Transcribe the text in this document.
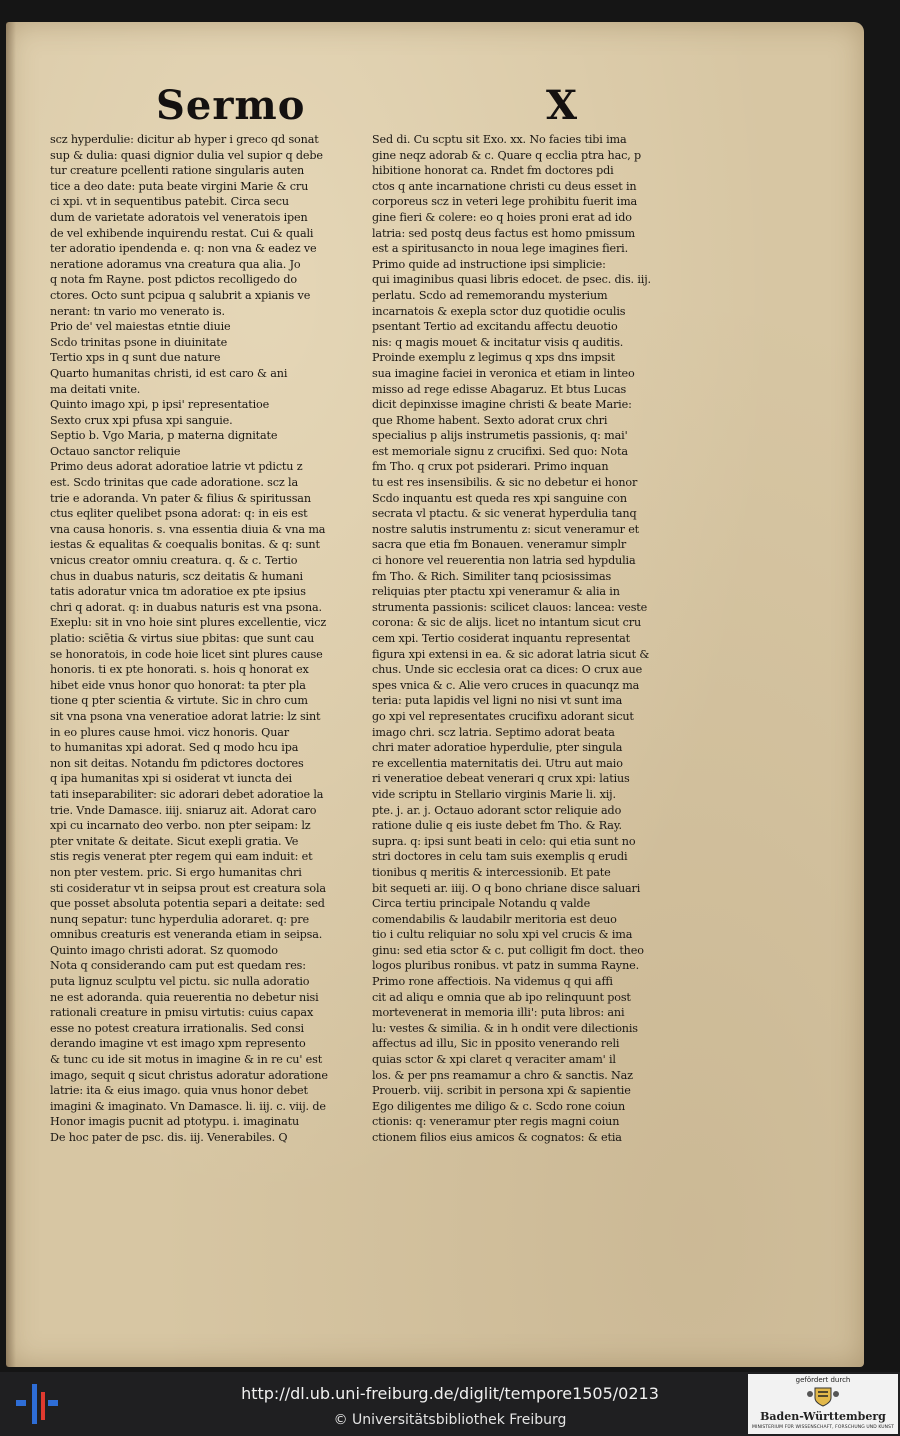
Sermo	X
scz hyperdulie: dicitur ab hyper i greco qd sonat
sup & dulia: quasi dignior dulia vel supior q debe
tur creature pcellenti ratione singularis auten
tice a deo date: puta beate virgini Marie & cru
ci xpi. vt in sequentibus patebit. Circa secu
dum de varietate adoratois vel veneratois ipen
de vel exhibende inquirendu restat. Cui & quali
ter adoratio ipendenda e. q: non vna & eadez ve
neratione adoramus vna creatura qua alia. Jo
q nota fm Rayne. post pdictos recolligedo do
ctores. Octo sunt pcipua q salubrit a xpianis ve
nerant: tn vario mo venerato is.
Prio de' vel maiestas etntie diuie
Scdo trinitas psone in diuinitate
Tertio xps in q sunt due nature
Quarto humanitas christi, id est caro & ani
ma deitati vnite.
Quinto imago xpi, p ipsi' representatioe
Sexto crux xpi pfusa xpi sanguie.
Septio b. Vgo Maria, p materna dignitate
Octauo sanctor reliquie
Primo deus adorat adoratioe latrie vt pdictu z
est. Scdo trinitas que cade adoratione. scz la
trie e adoranda. Vn pater & filius & spiritussan
ctus eqliter quelibet psona adorat: q: in eis est
vna causa honoris. s. vna essentia diuia & vna ma
iestas & equalitas & coequalis bonitas. & q: sunt
vnicus creator omniu creatura. q. & c. Tertio
chus in duabus naturis, scz deitatis & humani
tatis adoratur vnica tm adoratioe ex pte ipsius
chri q adorat. q: in duabus naturis est vna psona.
Exeplu: sit in vno hoie sint plures excellentie, vicz
platio: sciētia & virtus siue pbitas: que sunt cau
se honoratois, in code hoie licet sint plures cause
honoris. ti ex pte honorati. s. hois q honorat ex
hibet eide vnus honor quo honorat: ta pter pla
tione q pter scientia & virtute. Sic in chro cum
sit vna psona vna veneratioe adorat latrie: lz sint
in eo plures cause hmoi. vicz honoris. Quar
to humanitas xpi adorat. Sed q modo hcu ipa
non sit deitas. Notandu fm pdictores doctores
q ipa humanitas xpi si osiderat vt iuncta dei
tati inseparabiliter: sic adorari debet adoratioe la
trie. Vnde Damasce. iiij. sniaruz ait. Adorat caro
xpi cu incarnato deo verbo. non pter seipam: lz
pter vnitate & deitate. Sicut exepli gratia. Ve
stis regis venerat pter regem qui eam induit: et
non pter vestem. pric. Si ergo humanitas chri
sti cosideratur vt in seipsa prout est creatura sola
que posset absoluta potentia separi a deitate: sed
nunq sepatur: tunc hyperdulia adoraret. q: pre
omnibus creaturis est veneranda etiam in seipsa.
Quinto imago christi adorat. Sz quomodo
Nota q considerando cam put est quedam res:
puta lignuz sculptu vel pictu. sic nulla adoratio
ne est adoranda. quia reuerentia no debetur nisi
rationali creature in pmisu virtutis: cuius capax
esse no potest creatura irrationalis. Sed consi
derando imagine vt est imago xpm represento
& tunc cu ide sit motus in imagine & in re cu' est
imago, sequit q sicut christus adoratur adoratione
latrie: ita & eius imago. quia vnus honor debet
imagini & imaginato. Vn Damasce. li. iij. c. viij. de
Honor imagis pucnit ad ptotypu. i. imaginatu
De hoc pater de psc. dis. iij. Venerabiles. Q
Sed di. Cu scptu sit Exo. xx. No facies tibi ima
gine neqz adorab & c. Quare q ecclia ptra hac, p
hibitione honorat ca. Rndet fm doctores pdi
ctos q ante incarnatione christi cu deus esset in
corporeus scz in veteri lege prohibitu fuerit ima
gine fieri & colere: eo q hoies proni erat ad ido
latria: sed postq deus factus est homo pmissum
est a spiritusancto in noua lege imagines fieri.
Primo quide ad instructione ipsi simplicie:
qui imaginibus quasi libris edocet. de psec. dis. iij.
perlatu. Scdo ad rememorandu mysterium
incarnatois & exepla sctor duz quotidie oculis
psentant Tertio ad excitandu affectu deuotio
nis: q magis mouet & incitatur visis q auditis.
Proinde exemplu z legimus q xps dns impsit
sua imagine faciei in veronica et etiam in linteo
misso ad rege edisse Abagaruz. Et btus Lucas
dicit depinxisse imagine christi & beate Marie:
que Rhome habent. Sexto adorat crux chri
specialius p alijs instrumetis passionis, q: mai'
est memoriale signu z crucifixi. Sed quo: Nota
fm Tho. q crux pot psiderari. Primo inquan
tu est res insensibilis. & sic no debetur ei honor
Scdo inquantu est queda res xpi sanguine con
secrata vl ptactu. & sic venerat hyperdulia tanq
nostre salutis instrumentu z: sicut veneramur et
sacra que etia fm Bonauen. veneramur simplr
ci honore vel reuerentia non latria sed hypdulia
fm Tho. & Rich. Similiter tanq pciosissimas
reliquias pter ptactu xpi veneramur & alia in
strumenta passionis: scilicet clauos: lancea: veste
corona: & sic de alijs. licet no intantum sicut cru
cem xpi. Tertio cosiderat inquantu representat
figura xpi extensi in ea. & sic adorat latria sicut &
chus. Unde sic ecclesia orat ca dices: O crux aue
spes vnica & c. Alie vero cruces in quacunqz ma
teria: puta lapidis vel ligni no nisi vt sunt ima
go xpi vel representates crucifixu adorant sicut
imago chri. scz latria. Septimo adorat beata
chri mater adoratioe hyperdulie, pter singula
re excellentia maternitatis dei. Utru aut maio
ri veneratioe debeat venerari q crux xpi: latius
vide scriptu in Stellario virginis Marie li. xij.
pte. j. ar. j. Octauo adorant sctor reliquie ado
ratione dulie q eis iuste debet fm Tho. & Ray.
supra. q: ipsi sunt beati in celo: qui etia sunt no
stri doctores in celu tam suis exemplis q erudi
tionibus q meritis & intercessionib. Et pate
bit sequeti ar. iiij. O q bono chriane disce saluari
Circa tertiu principale Notandu q valde
comendabilis & laudabilr meritoria est deuo
tio i cultu reliquiar no solu xpi vel crucis & ima
ginu: sed etia sctor & c. put colligit fm doct. theo
logos pluribus ronibus. vt patz in summa Rayne.
Primo rone affectiois. Na videmus q qui affi
cit ad aliqu e omnia que ab ipo relinquunt post
mortevenerat in memoria illi': puta libros: ani
lu: vestes & similia. & in h ondit vere dilectionis
affectus ad illu, Sic in pposito venerando reli
quias sctor & xpi claret q veraciter amam' il
los. & per pns reamamur a chro & sanctis. Naz
Prouerb. viij. scribit in persona xpi & sapientie
Ego diligentes me diligo & c. Scdo rone coiun
ctionis: q: veneramur pter regis magni coiun
ctionem filios eius amicos & cognatos: & etia
http://dl.ub.uni-freiburg.de/diglit/tempore1505/0213
© Universitätsbibliothek Freiburg
gefördert durch
Baden-Württemberg
MINISTERIUM FÜR WISSENSCHAFT, FORSCHUNG UND KUNST
